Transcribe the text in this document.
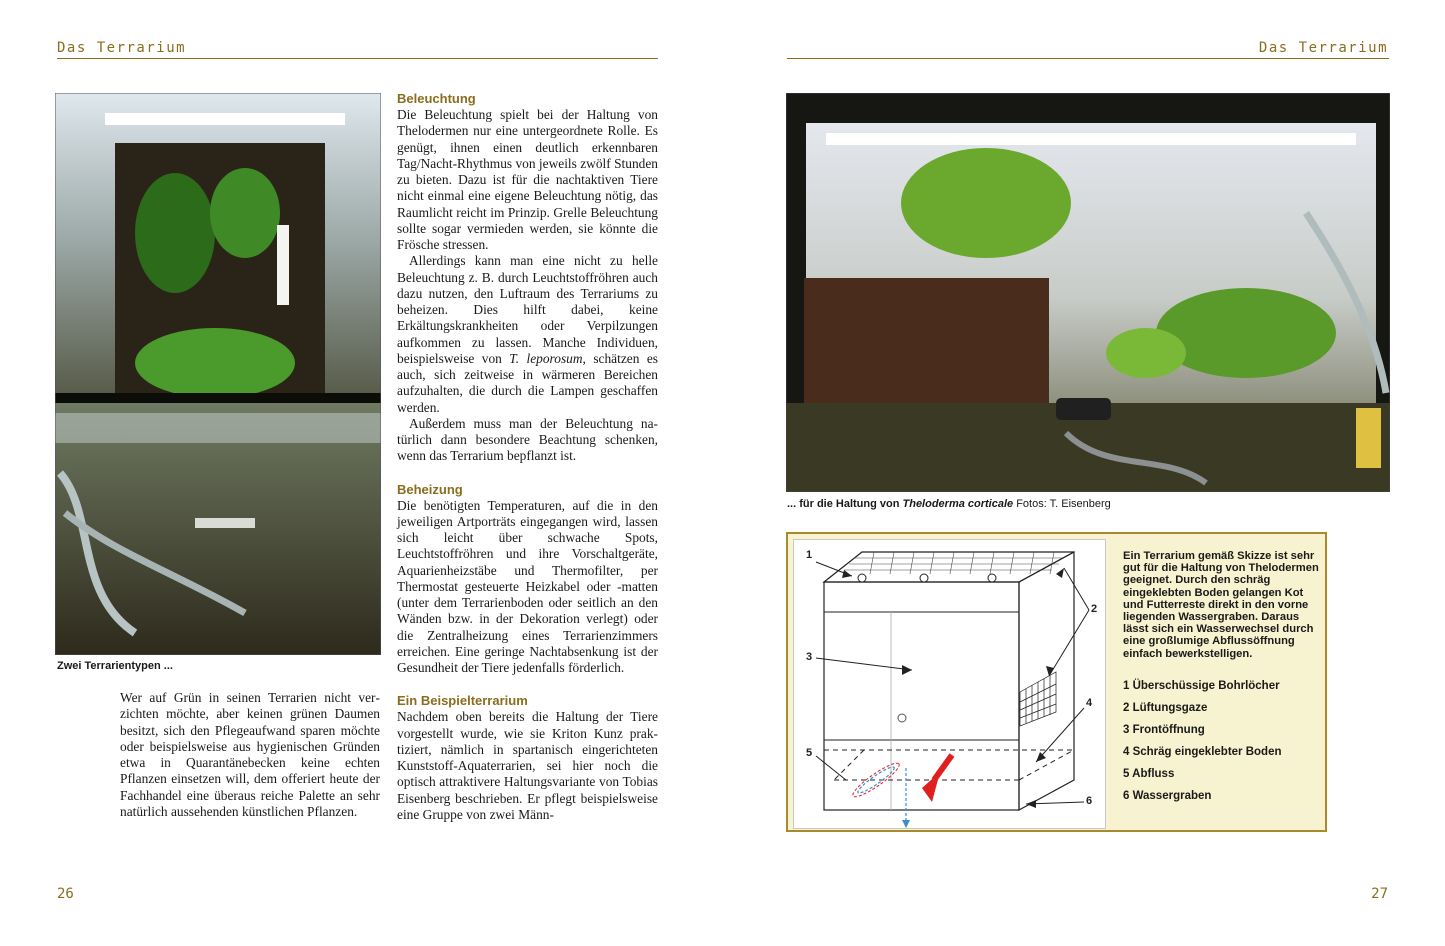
Das Terrarium	Das Terrarium
Zwei Terrarientypen ...

Wer auf Grün in seinen Terrarien nicht verzichten möchte, aber keinen grünen Daumen besitzt, sich den Pflegeaufwand sparen möchte oder beispielsweise aus hygienischen Gründen etwa in Quarantänebecken keine echten Pflanzen einsetzen will, dem offeriert heute der Fachhandel eine überaus reiche Palette an sehr natürlich aussehenden künstlichen Pflanzen.

Beleuchtung

Die Beleuchtung spielt bei der Haltung von Thelodermen nur eine untergeordnete Rolle. Es genügt, ihnen einen deutlich erkennbaren Tag/Nacht-Rhythmus von jeweils zwölf Stunden zu bieten. Dazu ist für die nachtaktiven Tiere nicht einmal eine eigene Beleuchtung nötig, das Raumlicht reicht im Prinzip. Grelle Beleuchtung sollte sogar vermieden werden, sie könnte die Frösche stressen.

Allerdings kann man eine nicht zu helle Beleuchtung z. B. durch Leuchtstoffröhren auch dazu nutzen, den Luftraum des Terrariums zu beheizen. Dies hilft dabei, keine Erkältungskrankheiten oder Verpilzungen aufkommen zu lassen. Manche Individuen, beispielsweise von T. leporosum, schätzen es auch, sich zeitweise in wärmeren Bereichen aufzuhalten, die durch die Lampen geschaffen werden.

Außerdem muss man der Beleuchtung natürlich dann besondere Beachtung schenken, wenn das Terrarium bepflanzt ist.

Beheizung

Die benötigten Temperaturen, auf die in den jeweiligen Artporträts eingegangen wird, lassen sich leicht über schwache Spots, Leuchtstoffröhren und ihre Vorschaltgeräte, Aquarienheizstäbe und Thermofilter, per Thermostat gesteuerte Heizkabel oder -matten (unter dem Terrarienboden oder seitlich an den Wänden bzw. in der Dekoration verlegt) oder die Zentralheizung eines Terrarienzimmers erreichen. Eine geringe Nachtabsenkung ist der Gesundheit der Tiere jedenfalls förderlich.

Ein Beispielterrarium

Nachdem oben bereits die Haltung der Tiere vorgestellt wurde, wie sie Kriton Kunz praktiziert, nämlich in spartanisch eingerichteten Kunststoff-Aquaterrarien, sei hier noch die optisch attraktivere Haltungsvariante von Tobias Eisenberg beschrieben. Er pflegt beispielsweise eine Gruppe von zwei Männ-

... für die Haltung von Theloderma corticale Fotos: T. Eisenberg
1
2
3
4
5
6
Ein Terrarium gemäß Skizze ist sehr gut für die Haltung von Thelodermen geeignet. Durch den schräg eingeklebten Boden gelangen Kot und Futterreste direkt in den vorne liegenden Wassergraben. Daraus lässt sich ein Wasserwechsel durch eine großlumige Abflussöffnung einfach bewerkstelligen.
1 Überschüssige Bohrlöcher
2 Lüftungsgaze
3 Frontöffnung
4 Schräg eingeklebter Boden
5 Abfluss
6 Wassergraben
26	27
